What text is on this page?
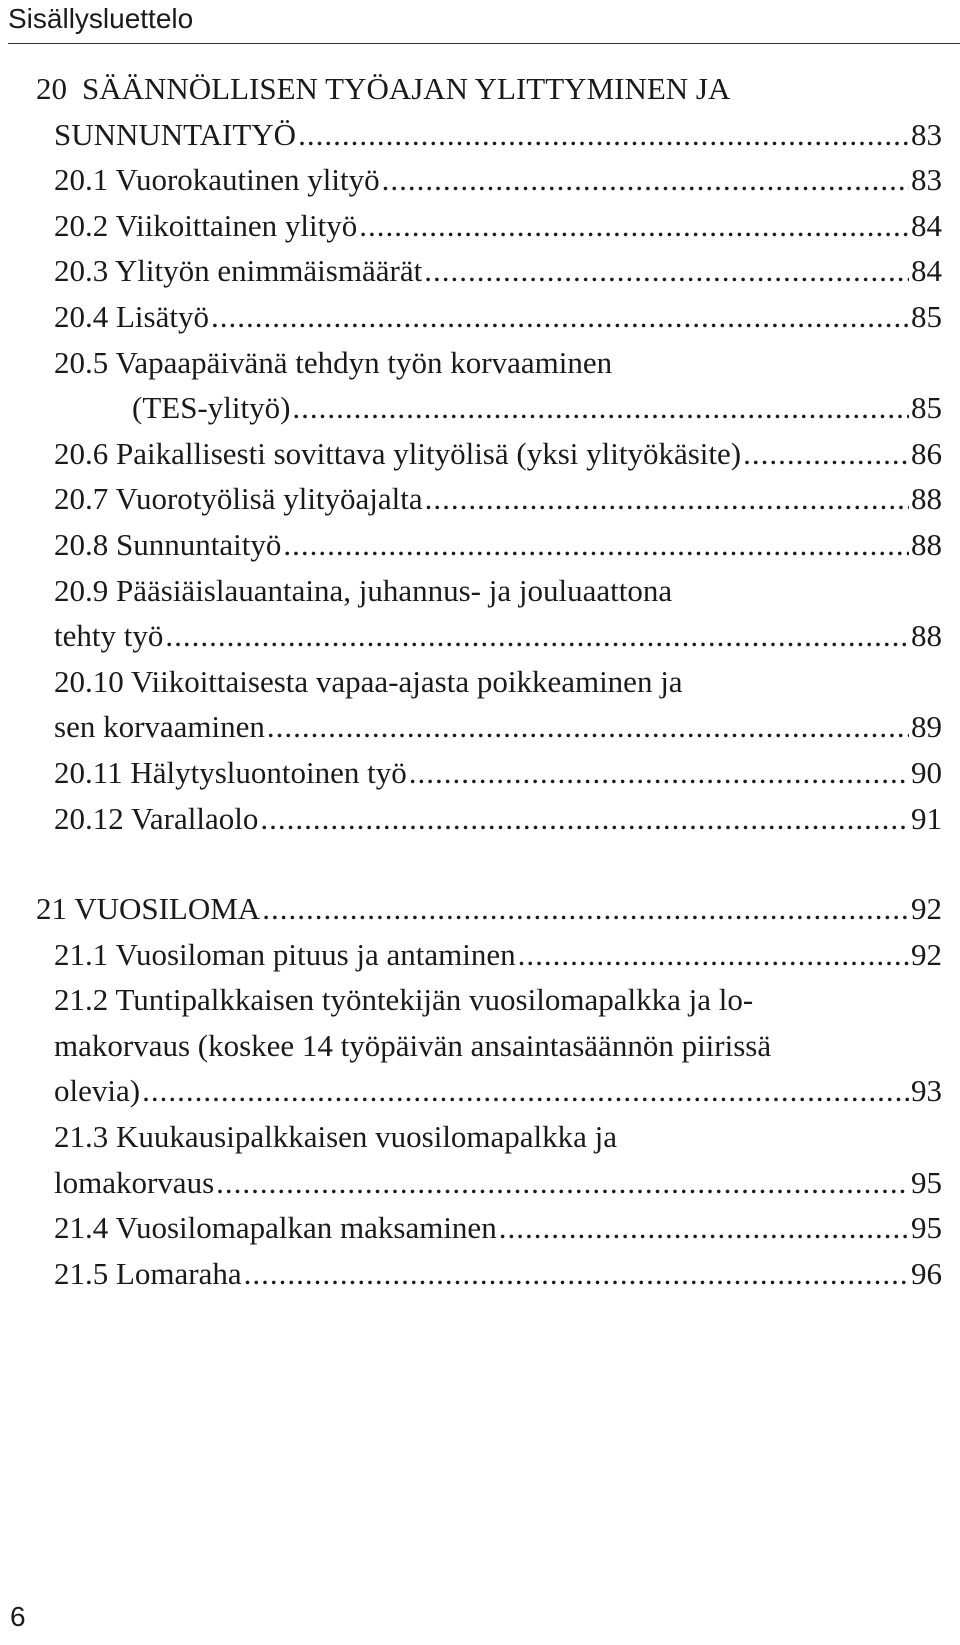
Sisällysluettelo
20 SÄÄNNÖLLISEN TYÖAJAN YLITTYMINEN JA
SUNNUNTAITYÖ .....	83
20.1 Vuorokautinen ylityö .....	83
20.2 Viikoittainen ylityö .....	84
20.3 Ylityön enimmäismäärät .....	84
20.4 Lisätyö .....	85
20.5 Vapaapäivänä tehdyn työn korvaaminen
(TES-ylityö) .....	85
20.6 Paikallisesti sovittava ylityölisä (yksi ylityökäsite) .....	86
20.7 Vuorotyölisä ylityöajalta .....	88
20.8 Sunnuntaityö .....	88
20.9 Pääsiäislauantaina, juhannus- ja jouluaattona
tehty työ .....	88
20.10 Viikoittaisesta vapaa-ajasta poikkeaminen ja
sen korvaaminen .....	89
20.11 Hälytysluontoinen työ .....	90
20.12 Varallaolo .....	91
21 VUOSILOMA .....	92
21.1 Vuosiloman pituus ja antaminen .....	92
21.2 Tuntipalkkaisen työntekijän vuosilomapalkka ja lo-
makorvaus (koskee 14 työpäivän ansaintasäännön piirissä
olevia) .....	93
21.3 Kuukausipalkkaisen vuosilomapalkka ja
lomakorvaus .....	95
21.4 Vuosilomapalkan maksaminen .....	95
21.5 Lomaraha .....	96
6
